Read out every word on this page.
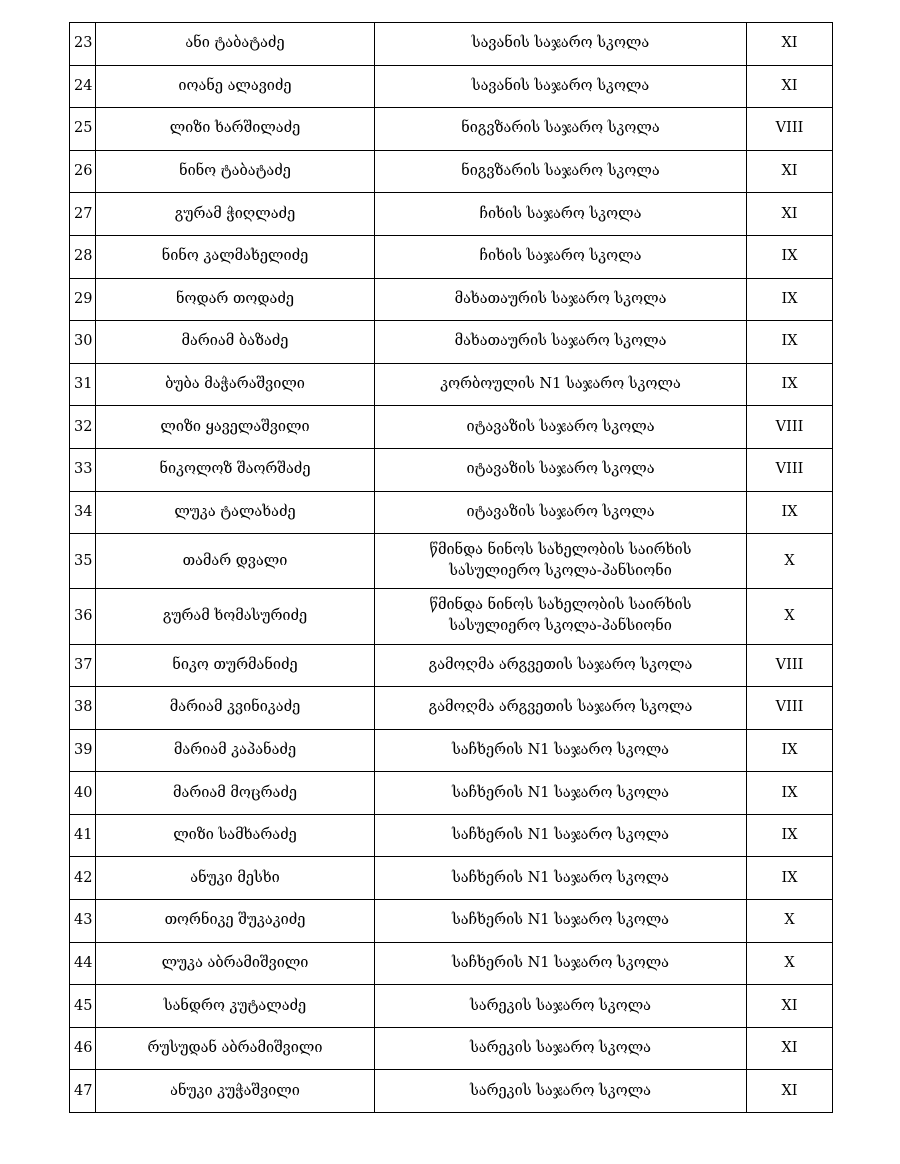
23	ანი ტაბატაძე	სავანის საჯარო სკოლა	XI
24	იოანე ალავიძე	სავანის საჯარო სკოლა	XI
25	ლიზი ხარშილაძე	ნიგვზარის საჯარო სკოლა	VIII
26	ნინო ტაბატაძე	ნიგვზარის საჯარო სკოლა	XI
27	გურამ ჭიღლაძე	ჩიხის საჯარო სკოლა	XI
28	ნინო კალმახელიძე	ჩიხის საჯარო სკოლა	IX
29	ნოდარ თოდაძე	მახათაურის საჯარო სკოლა	IX
30	მარიამ ბაზაძე	მახათაურის საჯარო სკოლა	IX
31	ბუბა მაჭარაშვილი	კორბოულის N1 საჯარო სკოლა	IX
32	ლიზი ყაველაშვილი	იტავაზის საჯარო სკოლა	VIII
33	ნიკოლოზ შაორშაძე	იტავაზის საჯარო სკოლა	VIII
34	ლუკა ტალახაძე	იტავაზის საჯარო სკოლა	IX
35	თამარ დვალი	წმინდა ნინოს სახელობის საირხის სასულიერო სკოლა-პანსიონი	X
36	გურამ ხომასურიძე	წმინდა ნინოს სახელობის საირხის სასულიერო სკოლა-პანსიონი	X
37	ნიკო თურმანიძე	გამოღმა არგვეთის საჯარო სკოლა	VIII
38	მარიამ კვინიკაძე	გამოღმა არგვეთის საჯარო სკოლა	VIII
39	მარიამ კაპანაძე	საჩხერის N1 საჯარო სკოლა	IX
40	მარიამ მოცრაძე	საჩხერის N1 საჯარო სკოლა	IX
41	ლიზი სამხარაძე	საჩხერის N1 საჯარო სკოლა	IX
42	ანუკი მესხი	საჩხერის N1 საჯარო სკოლა	IX
43	თორნიკე შუკაკიძე	საჩხერის N1 საჯარო სკოლა	X
44	ლუკა აბრამიშვილი	საჩხერის N1 საჯარო სკოლა	X
45	სანდრო კუტალაძე	სარეკის საჯარო სკოლა	XI
46	რუსუდან აბრამიშვილი	სარეკის საჯარო სკოლა	XI
47	ანუკი კუჭაშვილი	სარეკის საჯარო სკოლა	XI
